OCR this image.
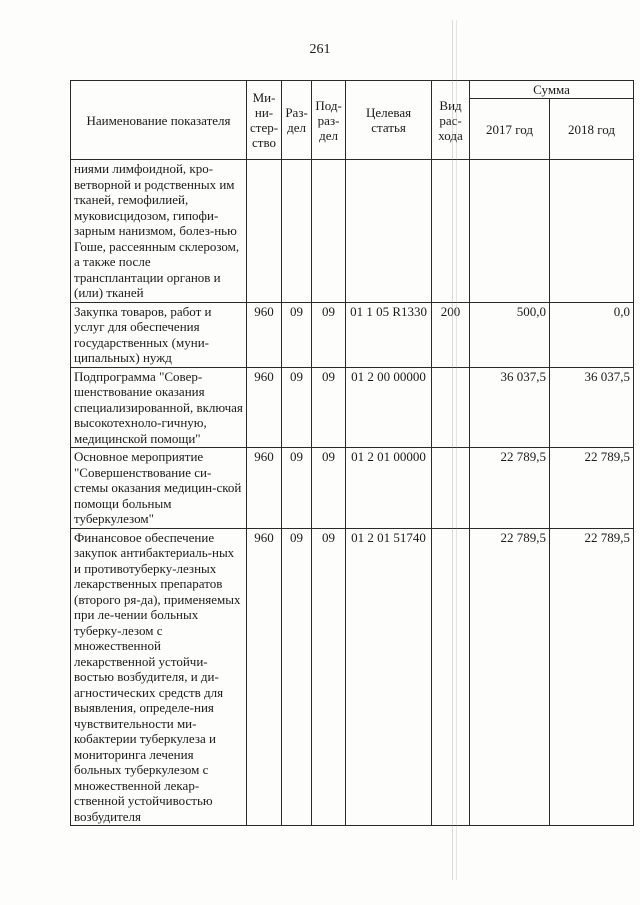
261
Наименование показателя	Ми-ни-стер-ство	Раз-дел	Под-раз-дел	Целевая статья	Вид рас-хода	Сумма	
						2017 год	2018 год
ниями лимфоидной, кро-ветворной и родственных им тканей, гемофилией, муковисцидозом, гипофи-зарным нанизмом, болез-нью Гоше, рассеянным склерозом, а также после трансплантации органов и (или) тканей							
Закупка товаров, работ и услуг для обеспечения государственных (муни-ципальных) нужд	960	09	09	01 1 05 R1330	200	500,0	0,0
Подпрограмма "Совер-шенствование оказания специализированной, включая высокотехноло-гичную, медицинской помощи"	960	09	09	01 2 00 00000		36 037,5	36 037,5
Основное мероприятие "Совершенствование си-стемы оказания медицин-ской помощи больным туберкулезом"	960	09	09	01 2 01 00000		22 789,5	22 789,5
Финансовое обеспечение закупок антибактериаль-ных и противотуберку-лезных лекарственных препаратов (второго ря-да), применяемых при ле-чении больных туберку-лезом с множественной лекарственной устойчи-востью возбудителя, и ди-агностических средств для выявления, определе-ния чувствительности ми-кобактерии туберкулеза и мониторинга лечения больных туберкулезом с множественной лекар-ственной устойчивостью возбудителя	960	09	09	01 2 01 51740		22 789,5	22 789,5
